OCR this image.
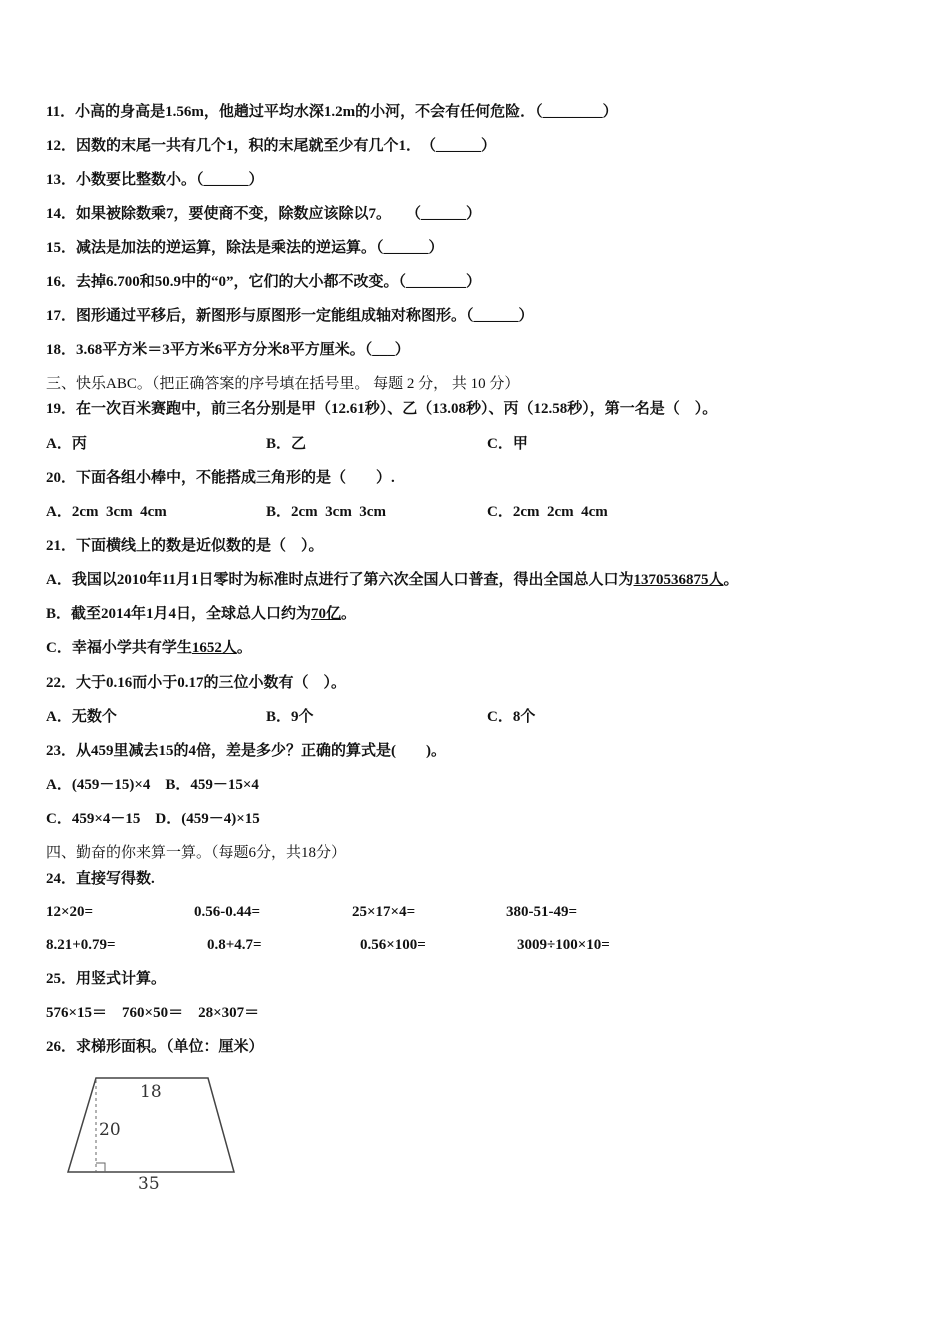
11．小高的身高是1.56m，他趟过平均水深1.2m的小河，不会有任何危险．（________）
12．因数的末尾一共有几个1，积的末尾就至少有几个1．　（______）
13．小数要比整数小。（______）
14．如果被除数乘7，要使商不变，除数应该除以7。　　（______）
15．减法是加法的逆运算，除法是乘法的逆运算。（______）
16．去掉6.700和50.9中的“0”，它们的大小都不改变。（________）
17．图形通过平移后，新图形与原图形一定能组成轴对称图形。（______）
18．3.68平方米＝3平方米6平方分米8平方厘米。（___）
三、快乐ABC。（把正确答案的序号填在括号里。 每题 2 分， 共 10 分）
19．在一次百米赛跑中，前三名分别是甲（12.61秒）、乙（13.08秒）、丙（12.58秒），第一名是（　）。
A．丙	B．乙	C．甲
20．下面各组小棒中，不能搭成三角形的是（　　）.
A．2cm  3cm  4cm	B．2cm  3cm  3cm	C．2cm  2cm  4cm
21．下面横线上的数是近似数的是（　）。
A．我国以2010年11月1日零时为标准时点进行了第六次全国人口普查，得出全国总人口为1370536875人。
B．截至2014年1月4日，全球总人口约为70亿。
C．幸福小学共有学生1652人。
22．大于0.16而小于0.17的三位小数有（　）。
A．无数个	B．9个	C．8个
23．从459里减去15的4倍，差是多少？正确的算式是(　　)。
A．(459－15)×4　B．459－15×4
C．459×4－15　D．(459－4)×15
四、勤奋的你来算一算。（每题6分，共18分）
24．直接写得数.
12×20=	0.56-0.44=	25×17×4=	380-51-49=
8.21+0.79=	0.8+4.7=	0.56×100=	3009÷100×10=
25．用竖式计算。
576×15＝　760×50＝　28×307＝
26．求梯形面积。（单位：厘米）
18
20
35
